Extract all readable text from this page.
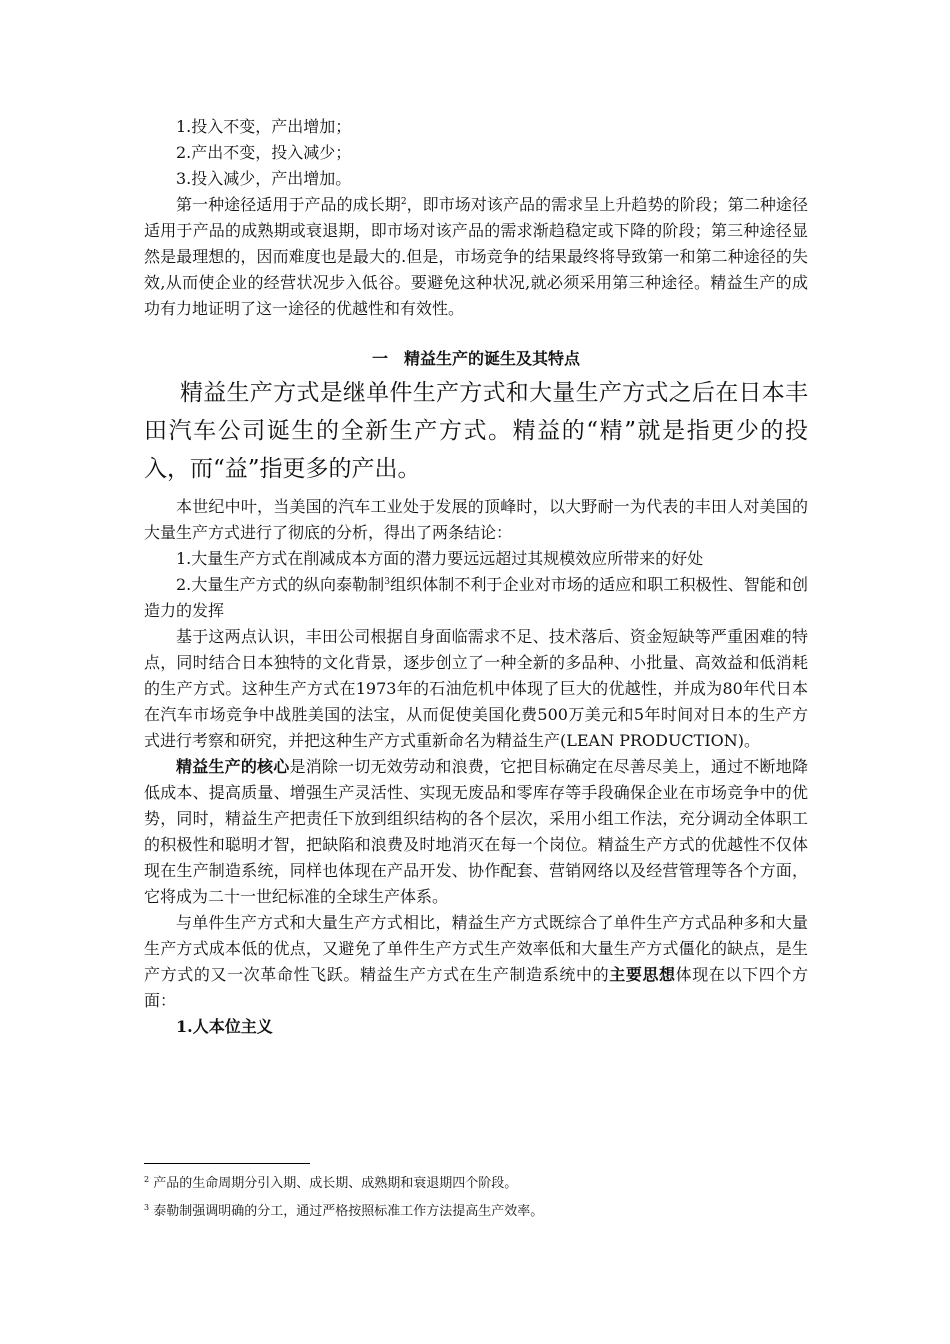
1.投入不变，产出增加；

2.产出不变，投入减少；

3.投入减少，产出增加。

第一种途径适用于产品的成长期$^2$，即市场对该产品的需求呈上升趋势的阶段；第二种途径适用于产品的成熟期或衰退期，即市场对该产品的需求渐趋稳定或下降的阶段；第三种途径显然是最理想的，因而难度也是最大的.但是，市场竞争的结果最终将导致第一和第二种途径的失效,从而使企业的经营状况步入低谷。要避免这种状况,就必须采用第三种途径。精益生产的成功有力地证明了这一途径的优越性和有效性。

一　精益生产的诞生及其特点

精益生产方式是继单件生产方式和大量生产方式之后在日本丰田汽车公司诞生的全新生产方式。精益的“精”就是指更少的投入，而“益”指更多的产出。

本世纪中叶，当美国的汽车工业处于发展的顶峰时，以大野耐一为代表的丰田人对美国的大量生产方式进行了彻底的分析，得出了两条结论：

1.大量生产方式在削减成本方面的潜力要远远超过其规模效应所带来的好处

2.大量生产方式的纵向泰勒制$^3$组织体制不利于企业对市场的适应和职工积极性、智能和创造力的发挥

基于这两点认识，丰田公司根据自身面临需求不足、技术落后、资金短缺等严重困难的特点，同时结合日本独特的文化背景，逐步创立了一种全新的多品种、小批量、高效益和低消耗的生产方式。这种生产方式在1973年的石油危机中体现了巨大的优越性，并成为80年代日本在汽车市场竞争中战胜美国的法宝，从而促使美国化费500万美元和5年时间对日本的生产方式进行考察和研究，并把这种生产方式重新命名为精益生产(LEAN PRODUCTION)。

精益生产的核心是消除一切无效劳动和浪费，它把目标确定在尽善尽美上，通过不断地降低成本、提高质量、增强生产灵活性、实现无废品和零库存等手段确保企业在市场竞争中的优势，同时，精益生产把责任下放到组织结构的各个层次，采用小组工作法，充分调动全体职工的积极性和聪明才智，把缺陷和浪费及时地消灭在每一个岗位。精益生产方式的优越性不仅体现在生产制造系统，同样也体现在产品开发、协作配套、营销网络以及经营管理等各个方面，它将成为二十一世纪标准的全球生产体系。

与单件生产方式和大量生产方式相比，精益生产方式既综合了单件生产方式品种多和大量生产方式成本低的优点，又避免了单件生产方式生产效率低和大量生产方式僵化的缺点，是生产方式的又一次革命性飞跃。精益生产方式在生产制造系统中的主要思想体现在以下四个方面：

1.人本位主义

$^2$ 产品的生命周期分引入期、成长期、成熟期和衰退期四个阶段。

$^3$ 泰勒制强调明确的分工，通过严格按照标准工作方法提高生产效率。
